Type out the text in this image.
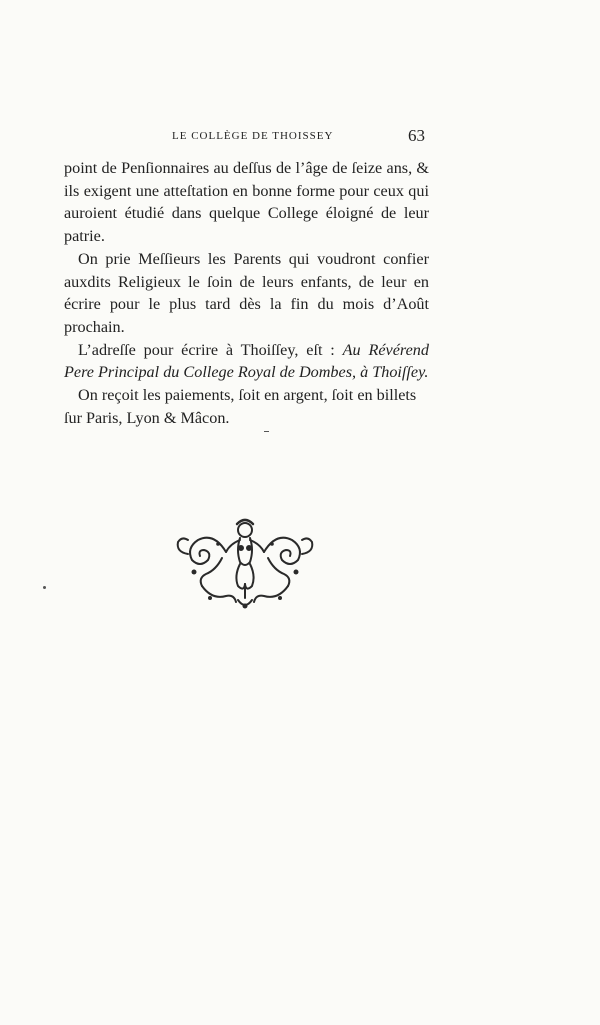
LE COLLÈGE DE THOISSEY	63

point de Penſionnaires au deſſus de l’âge de ſeize ans, & ils exigent une atteſtation en bonne forme pour ceux qui auroient étudié dans quelque College éloigné de leur patrie.

On prie Meſſieurs les Parents qui voudront confier auxdits Religieux le ſoin de leurs enfants, de leur en écrire pour le plus tard dès la fin du mois d’Août prochain.

L’adreſſe pour écrire à Thoiſſey, eſt : Au Révérend Pere Principal du College Royal de Dombes, à Thoiſſey.

On reçoit les paiements, ſoit en argent, ſoit en billets ſur Paris, Lyon & Mâcon.
